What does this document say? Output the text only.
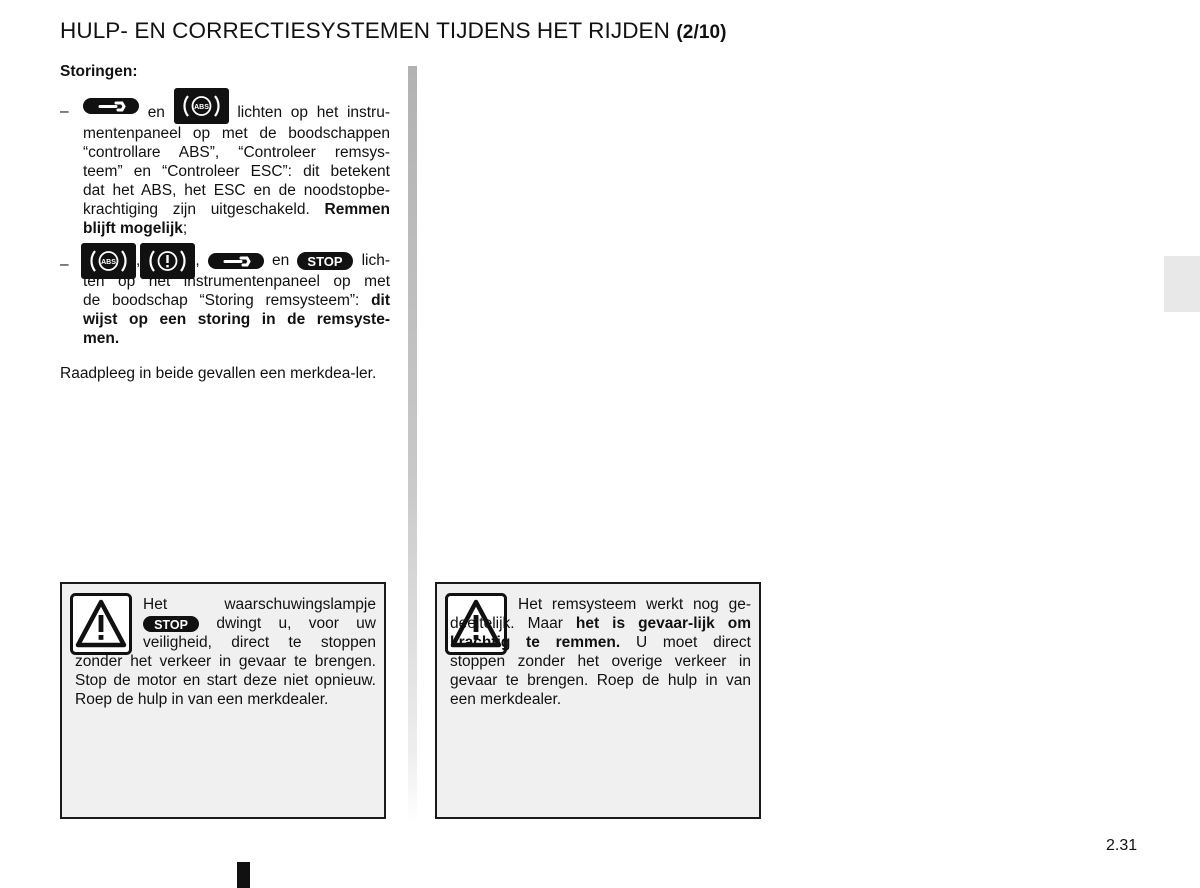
HULP- EN CORRECTIESYSTEMEN TIJDENS HET RIJDEN (2/10)
Storingen:
–	en	ABS lichten op het instru-
mentenpaneel op met de boodschappen
“controllare ABS”, “Controleer remsys-
teem” en “Controleer ESC”: dit betekent
dat het ABS, het ESC en de noodstopbe-
krachtiging zijn uitgeschakeld. Remmen
blijft mogelijk;
–	ABS ,	,	en STOP lich-
ten op het instrumentenpaneel op met
de boodschap “Storing remsysteem”: dit
wijst op een storing in de remsyste-
men.
Raadpleeg in beide gevallen een merkdea-ler.
Het waarschuwingslampje
STOP dwingt u, voor uw veiligheid, direct te stoppen zonder het verkeer in gevaar te brengen. Stop de motor en start deze niet opnieuw. Roep de hulp in van een merkdealer.
Het remsysteem werkt nog ge-deeltelijk. Maar het is gevaar-lijk om krachtig te remmen. U moet direct stoppen zonder het overige verkeer in gevaar te brengen. Roep de hulp in van een merkdealer.
2.31
